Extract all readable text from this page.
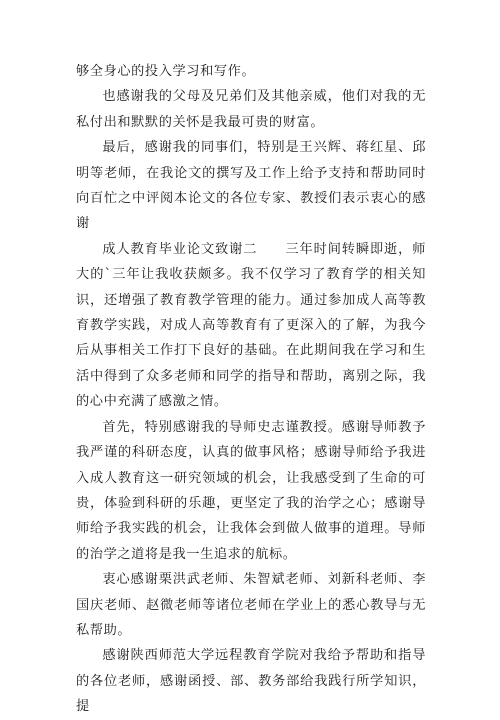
够全身心的投入学习和写作。

也感谢我的父母及兄弟们及其他亲威，他们对我的无私付出和默默的关怀是我最可贵的财富。

最后，感谢我的同事们，特别是王兴辉、蒋红星、邱明等老师，在我论文的撰写及工作上给予支持和帮助同时向百忙之中评阅本论文的各位专家、教授们表示衷心的感谢

成人教育毕业论文致谢二　　三年时间转瞬即逝，师大的`三年让我收获颇多。我不仅学习了教育学的相关知识，还增强了教育教学管理的能力。通过参加成人高等教育教学实践，对成人高等教育有了更深入的了解，为我今后从事相关工作打下良好的基础。在此期间我在学习和生活中得到了众多老师和同学的指导和帮助，离别之际，我的心中充满了感激之情。

首先，特别感谢我的导师史志谨教授。感谢导师教予我严谨的科研态度，认真的做事风格；感谢导师给予我进入成人教育这一研究领域的机会，让我感受到了生命的可贵，体验到科研的乐趣，更坚定了我的治学之心；感谢导师给予我实践的机会，让我体会到做人做事的道理。导师的治学之道将是我一生追求的航标。

衷心感谢栗洪武老师、朱智斌老师、刘新科老师、李国庆老师、赵微老师等诸位老师在学业上的悉心教导与无私帮助。

感谢陕西师范大学远程教育学院对我给予帮助和指导的各位老师，感谢函授、部、教务部给我践行所学知识，提
